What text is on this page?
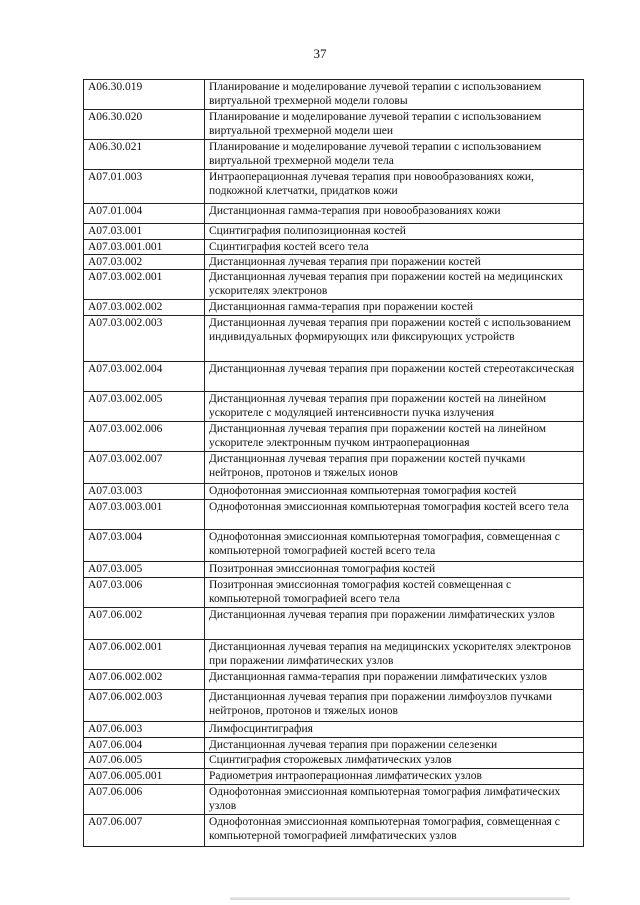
37
A06.30.019	Планирование и моделирование лучевой терапии с использованием виртуальной трехмерной модели головы
A06.30.020	Планирование и моделирование лучевой терапии с использованием виртуальной трехмерной модели шеи
A06.30.021	Планирование и моделирование лучевой терапии с использованием виртуальной трехмерной модели тела
A07.01.003	Интраоперационная лучевая терапия при новообразованиях кожи, подкожной клетчатки, придатков кожи
A07.01.004	Дистанционная гамма-терапия при новообразованиях кожи
A07.03.001	Сцинтиграфия полипозиционная костей
A07.03.001.001	Сцинтиграфия костей всего тела
A07.03.002	Дистанционная лучевая терапия при поражении костей
A07.03.002.001	Дистанционная лучевая терапия при поражении костей на медицинских ускорителях электронов
A07.03.002.002	Дистанционная гамма-терапия при поражении костей
A07.03.002.003	Дистанционная лучевая терапия при поражении костей с использованием индивидуальных формирующих или фиксирующих устройств
A07.03.002.004	Дистанционная лучевая терапия при поражении костей стереотаксическая
A07.03.002.005	Дистанционная лучевая терапия при поражении костей на линейном ускорителе с модуляцией интенсивности пучка излучения
A07.03.002.006	Дистанционная лучевая терапия при поражении костей на линейном ускорителе электронным пучком интраоперационная
A07.03.002.007	Дистанционная лучевая терапия при поражении костей пучками нейтронов, протонов и тяжелых ионов
A07.03.003	Однофотонная эмиссионная компьютерная томография костей
A07.03.003.001	Однофотонная эмиссионная компьютерная томография костей всего тела
A07.03.004	Однофотонная эмиссионная компьютерная томография, совмещенная с компьютерной томографией костей всего тела
A07.03.005	Позитронная эмиссионная томография костей
A07.03.006	Позитронная эмиссионная томография костей совмещенная с компьютерной томографией всего тела
A07.06.002	Дистанционная лучевая терапия при поражении лимфатических узлов
A07.06.002.001	Дистанционная лучевая терапия на медицинских ускорителях электронов при поражении лимфатических узлов
A07.06.002.002	Дистанционная гамма-терапия при поражении лимфатических узлов
A07.06.002.003	Дистанционная лучевая терапия при поражении лимфоузлов пучками нейтронов, протонов и тяжелых ионов
A07.06.003	Лимфосцинтиграфия
A07.06.004	Дистанционная лучевая терапия при поражении селезенки
A07.06.005	Сцинтиграфия сторожевых лимфатических узлов
A07.06.005.001	Радиометрия интраоперационная лимфатических узлов
A07.06.006	Однофотонная эмиссионная компьютерная томография лимфатических узлов
A07.06.007	Однофотонная эмиссионная компьютерная томография, совмещенная с компьютерной томографией лимфатических узлов
